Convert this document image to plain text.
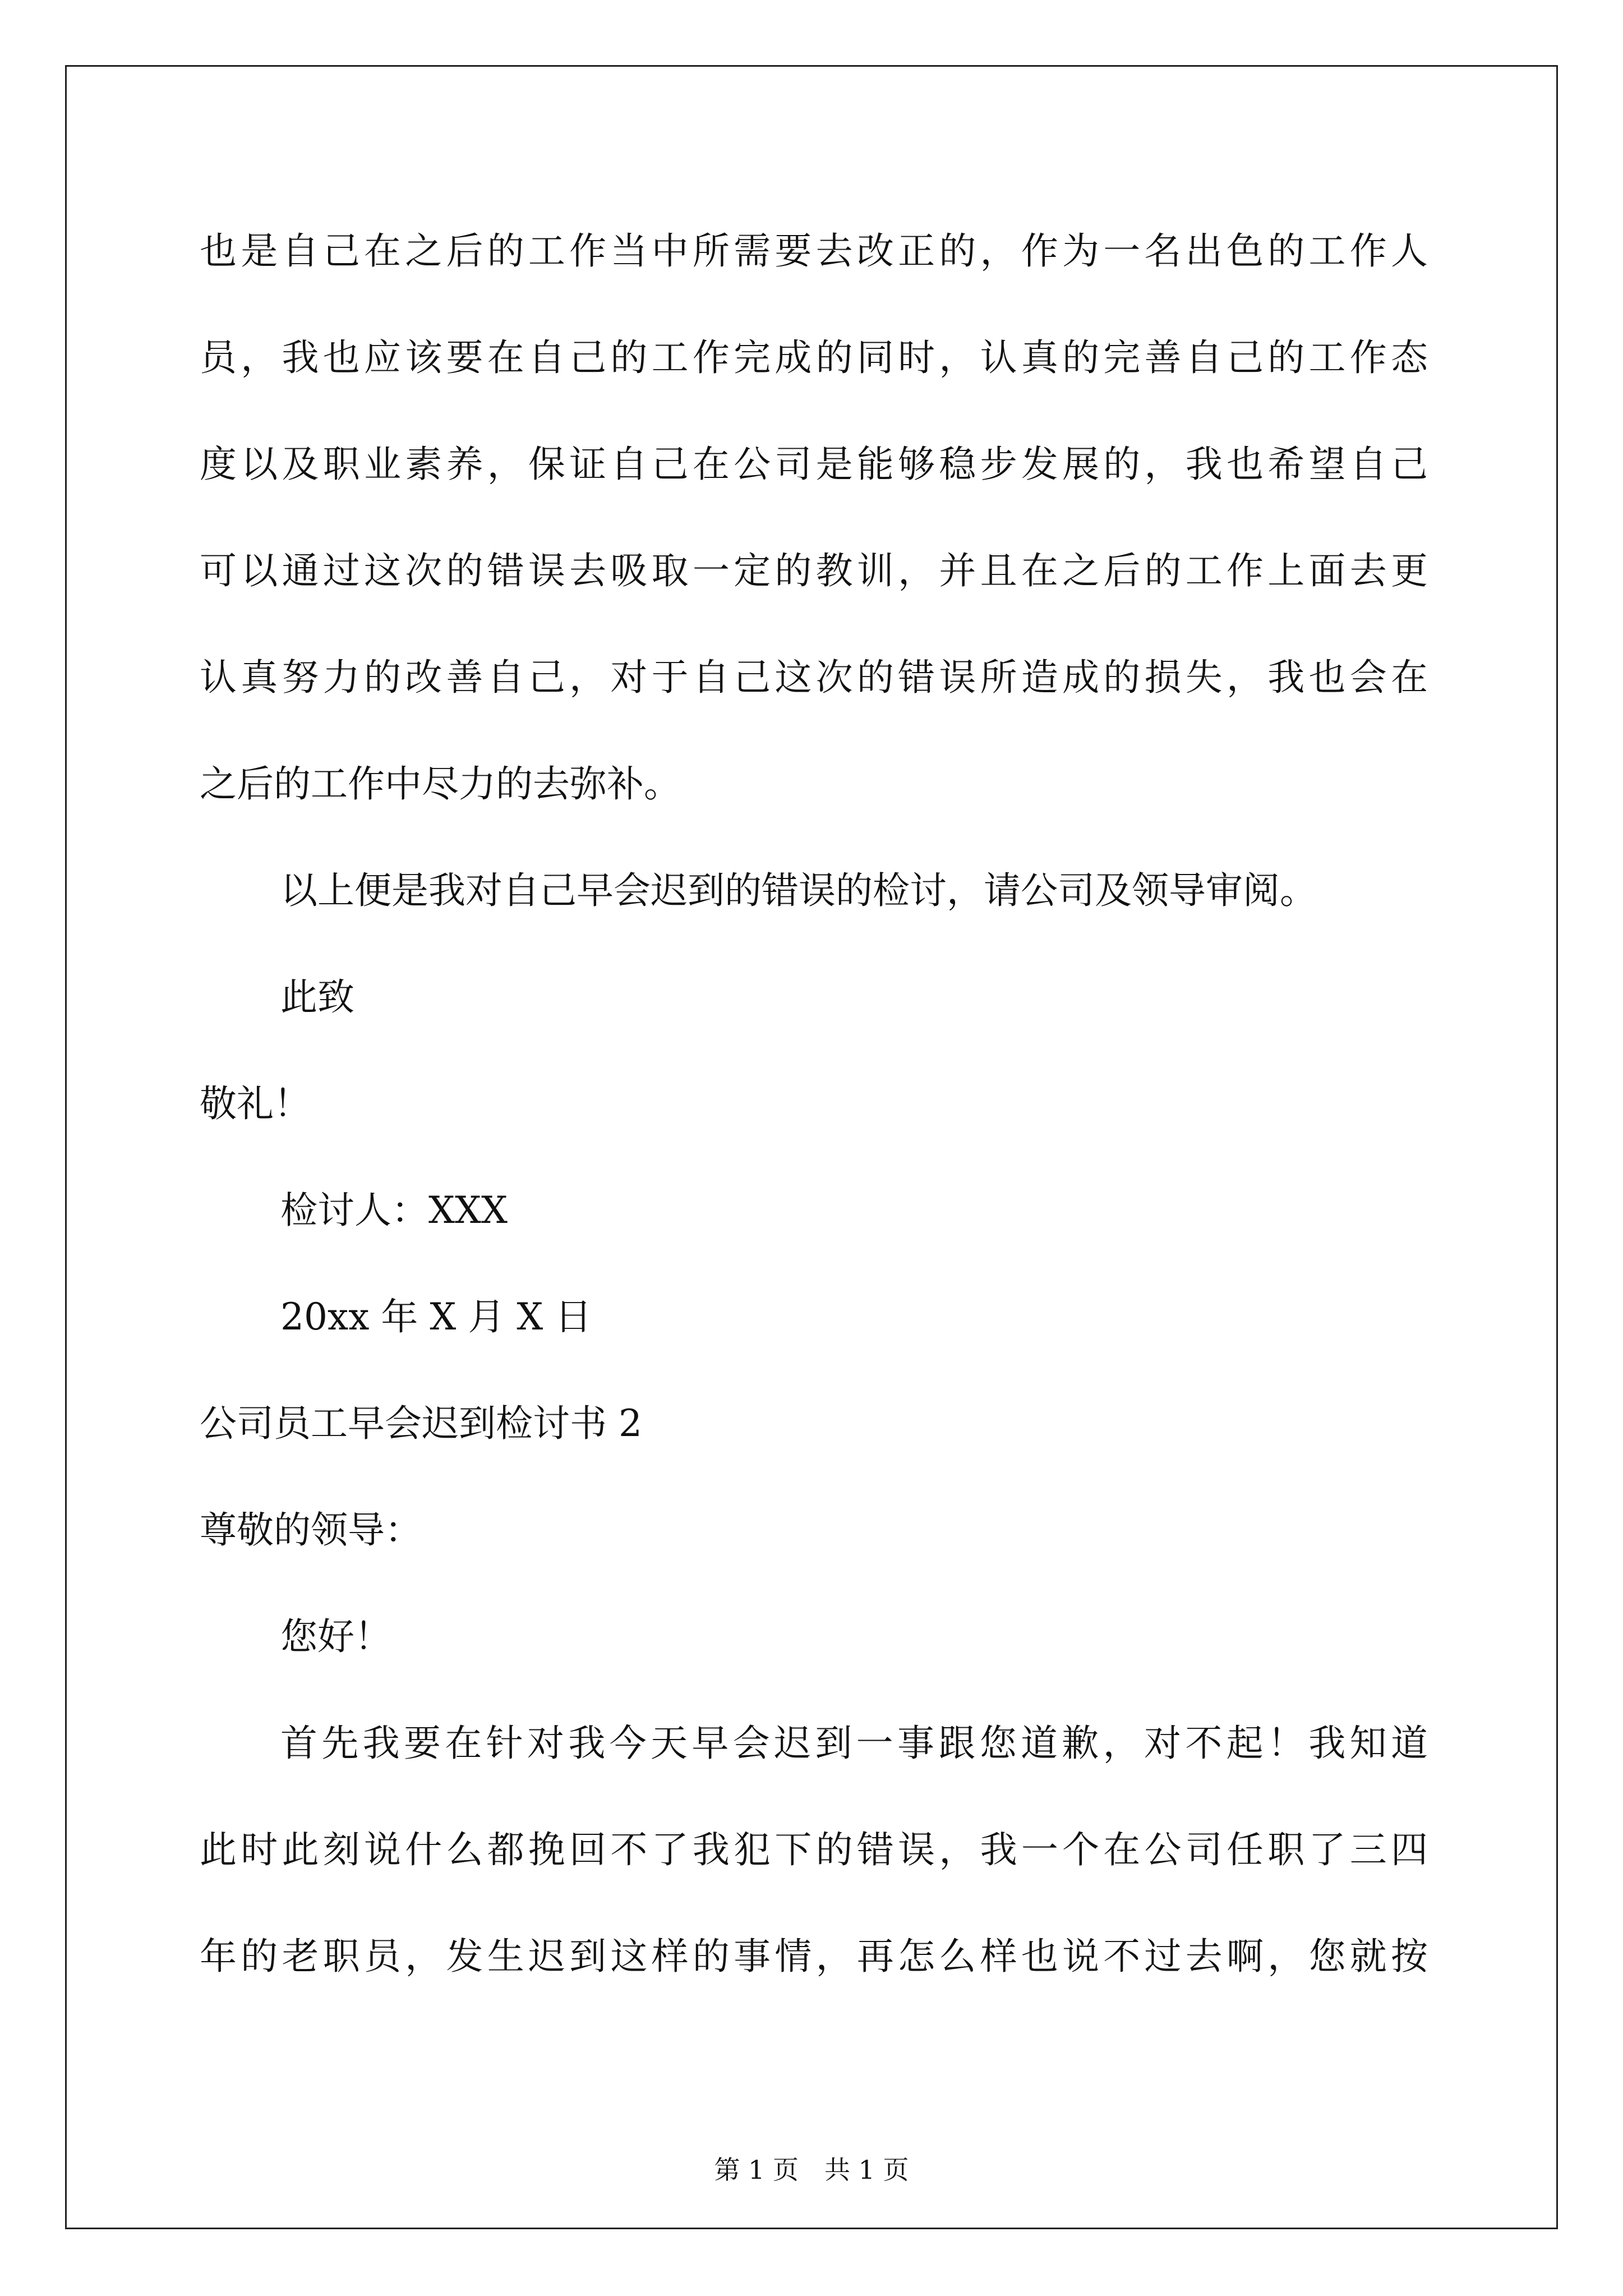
也是自己在之后的工作当中所需要去改正的，作为一名出色的工作人
员，我也应该要在自己的工作完成的同时，认真的完善自己的工作态
度以及职业素养，保证自己在公司是能够稳步发展的，我也希望自己
可以通过这次的错误去吸取一定的教训，并且在之后的工作上面去更
认真努力的改善自己，对于自己这次的错误所造成的损失，我也会在
之后的工作中尽力的去弥补。
以上便是我对自己早会迟到的错误的检讨，请公司及领导审阅。
此致
敬礼！
检讨人：XXX
20xx 年 X 月 X 日
公司员工早会迟到检讨书 2
尊敬的领导：
您好！
首先我要在针对我今天早会迟到一事跟您道歉，对不起！我知道
此时此刻说什么都挽回不了我犯下的错误，我一个在公司任职了三四
年的老职员，发生迟到这样的事情，再怎么样也说不过去啊，您就按
第 1 页　共 1 页
